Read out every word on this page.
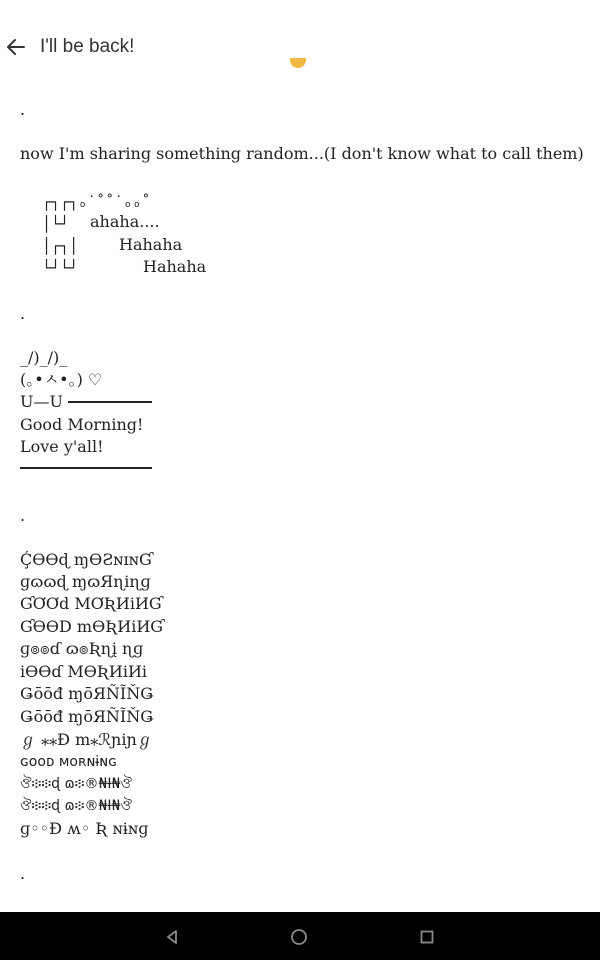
I'll be back!
.
now I'm sharing something random...(I don't know what to call them)
┌┐┌┐ₒ˙˚˚˙ₒₒ˚
│└┘ ahaha....
│┌┐│	Hahaha
└┘└┘	Hahaha
.
_/)_/)_
(｡•ㅅ•｡) ♡
U—U
Good Morning!
Love y'all!
.
ḈƟƟɖ ɱƟƧɴɪɴƓ
ɡɷɷɖ ɱɷЯɳiɳɡ
ƓƠƠd MƠƦИiИƓ
ƓƟƟD mƟƦИiИƓ
ɡ๏๏ɗ ɷ๏Ʀɳį ɳɡ
iƟƟɗ MƟƦИiИi
Ǥōōđ ɱōЯÑĨŇǤ
Ǥōōđ ɱōЯÑĨŇǤ
ℊ ⁎⁎Ɖ m⁎ℛɲiɲℊ
ɢᴏᴏᴅ ᴍᴏʀɴɨɴɢ
ঔ፨፨ɖ ɷ፨®₦Ɨ₦ঔ
ঔ፨፨ɖ ɷ፨®₦Ɨ₦ঔ
ɡ◦◦Ɖ ʍ◦ Ʀ ɴɨɴɡ
.
